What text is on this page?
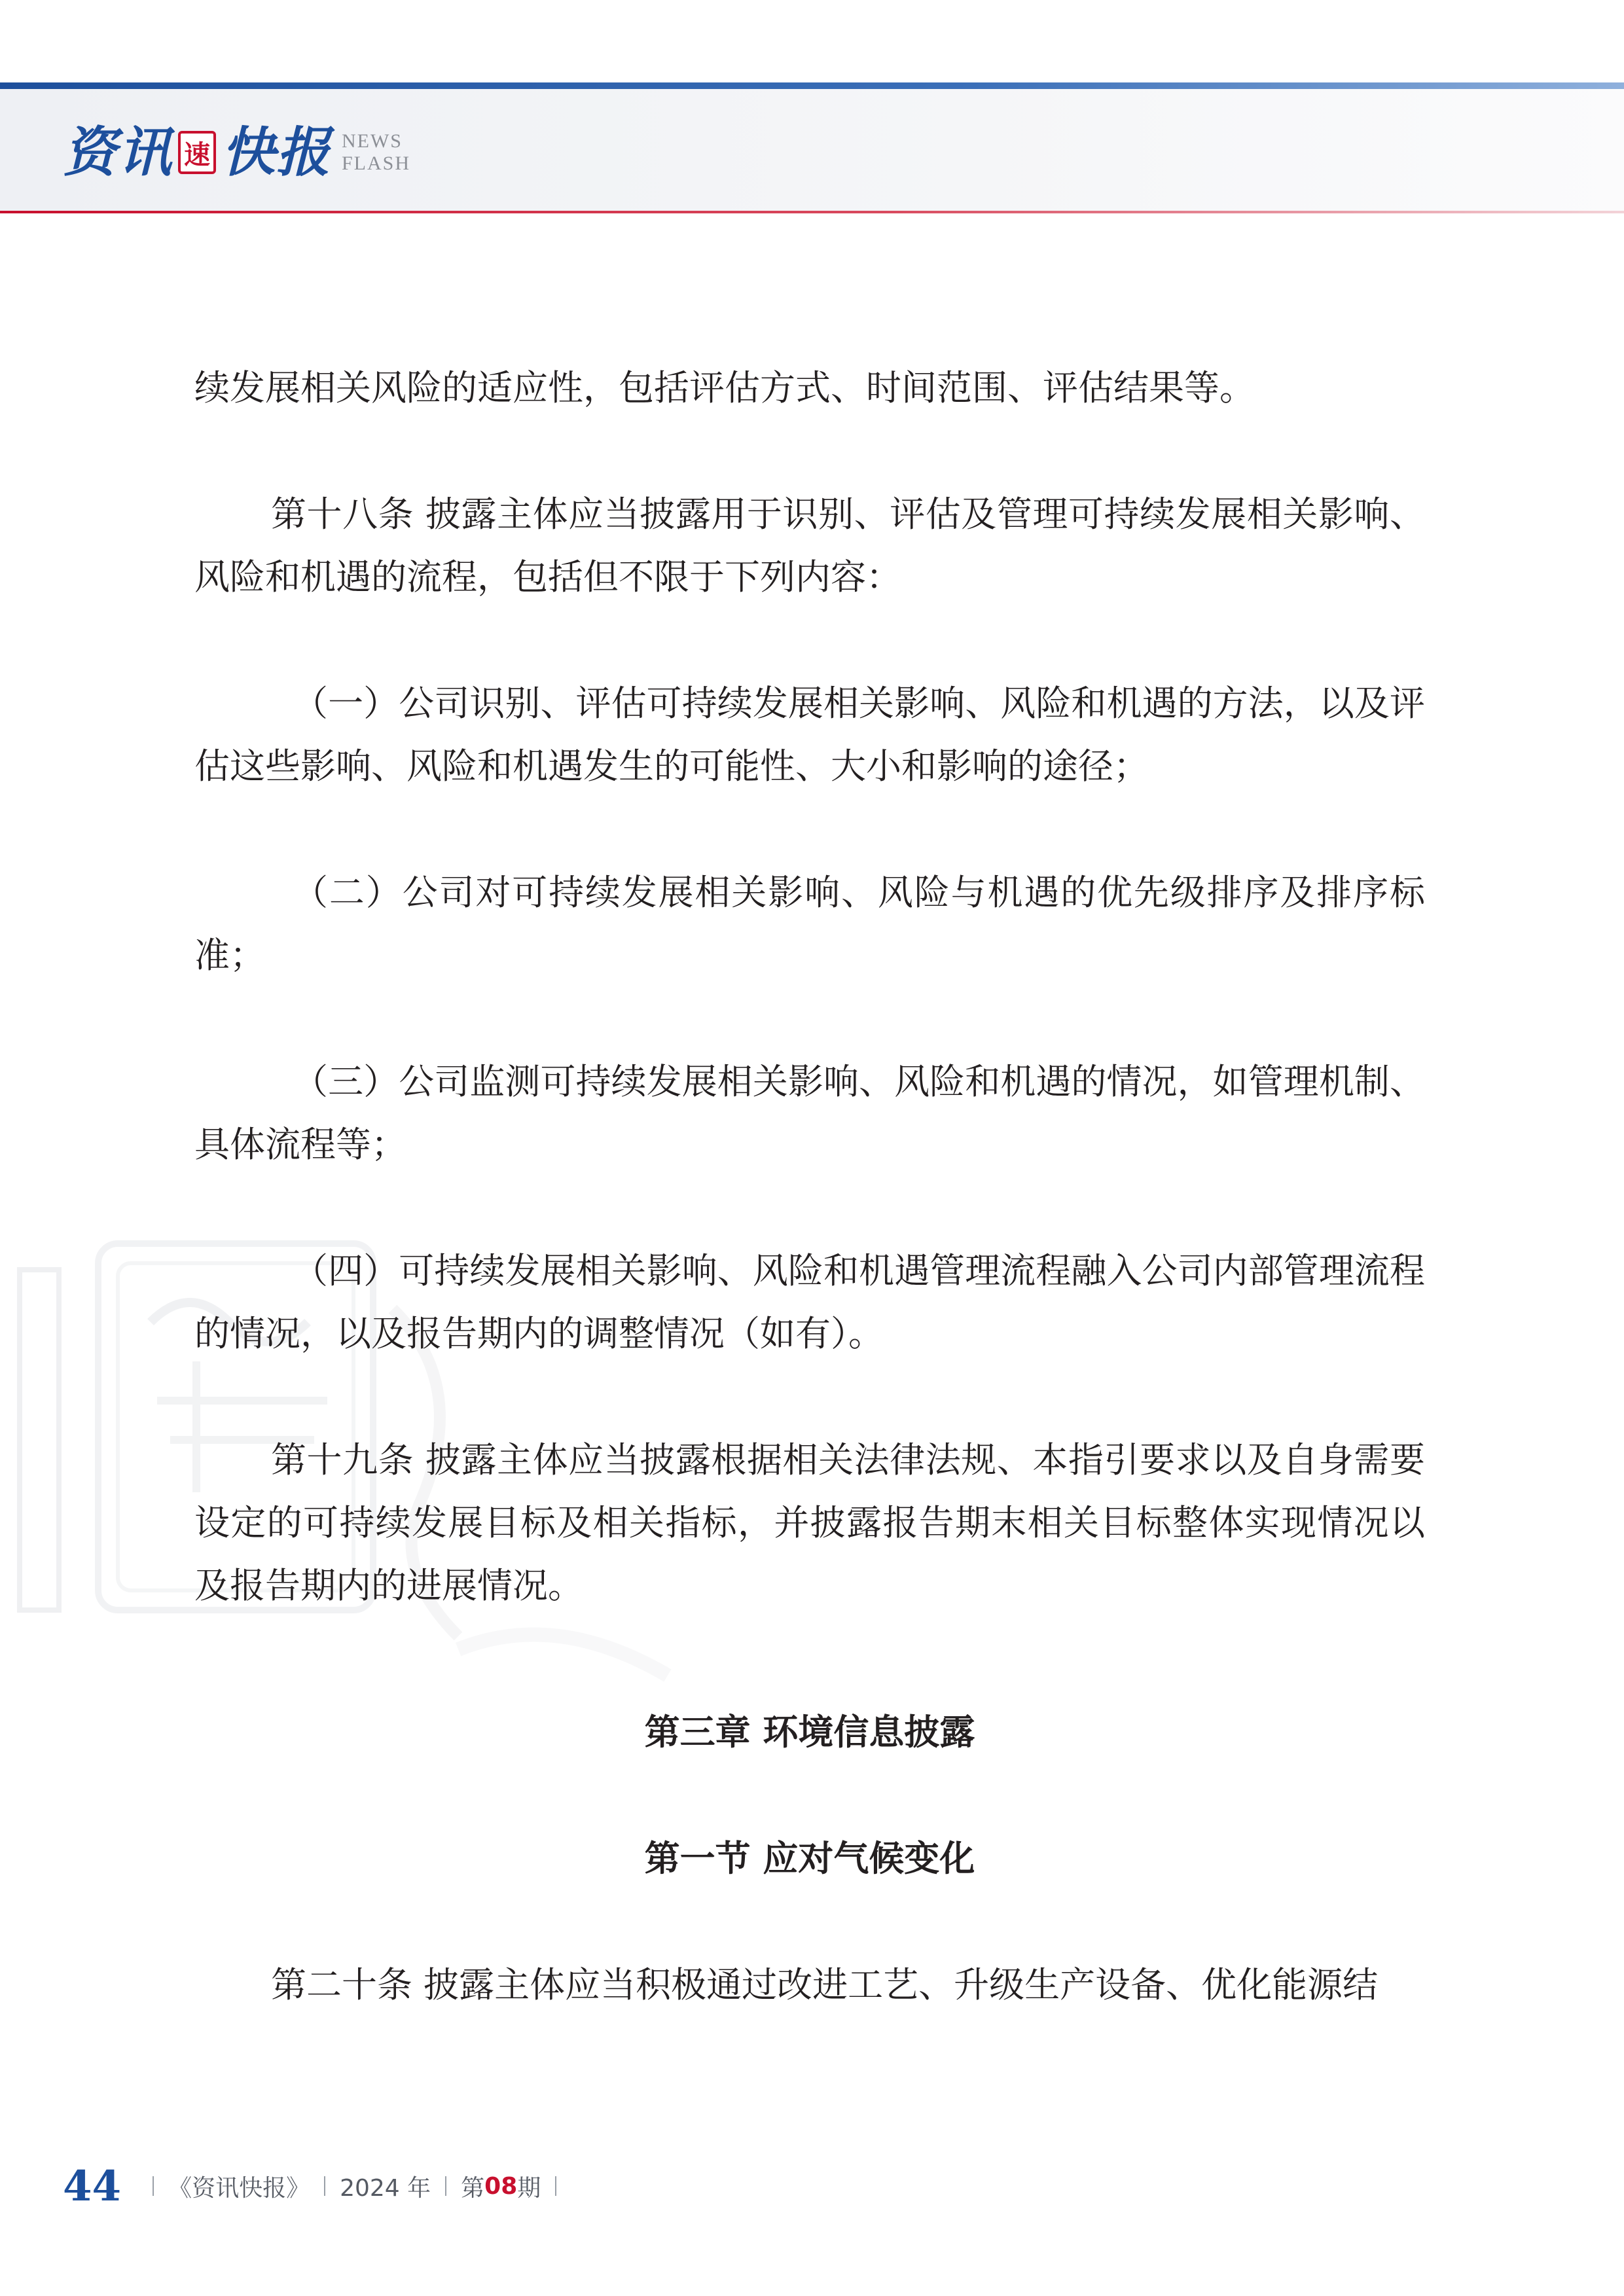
资讯 速 快报 NEWS
FLASH

续发展相关风险的适应性，包括评估方式、时间范围、评估结果等。

第十八条 披露主体应当披露用于识别、评估及管理可持续发展相关影响、风险和机遇的流程，包括但不限于下列内容：

（一）公司识别、评估可持续发展相关影响、风险和机遇的方法，以及评估这些影响、风险和机遇发生的可能性、大小和影响的途径；

（二）公司对可持续发展相关影响、风险与机遇的优先级排序及排序标准；

（三）公司监测可持续发展相关影响、风险和机遇的情况，如管理机制、具体流程等；

（四）可持续发展相关影响、风险和机遇管理流程融入公司内部管理流程的情况，以及报告期内的调整情况（如有）。

第十九条 披露主体应当披露根据相关法律法规、本指引要求以及自身需要设定的可持续发展目标及相关指标，并披露报告期末相关目标整体实现情况以及报告期内的进展情况。

第三章 环境信息披露
第一节 应对气候变化

第二十条 披露主体应当积极通过改进工艺、升级生产设备、优化能源结

44 《资讯快报》 2024 年 第 08 期
